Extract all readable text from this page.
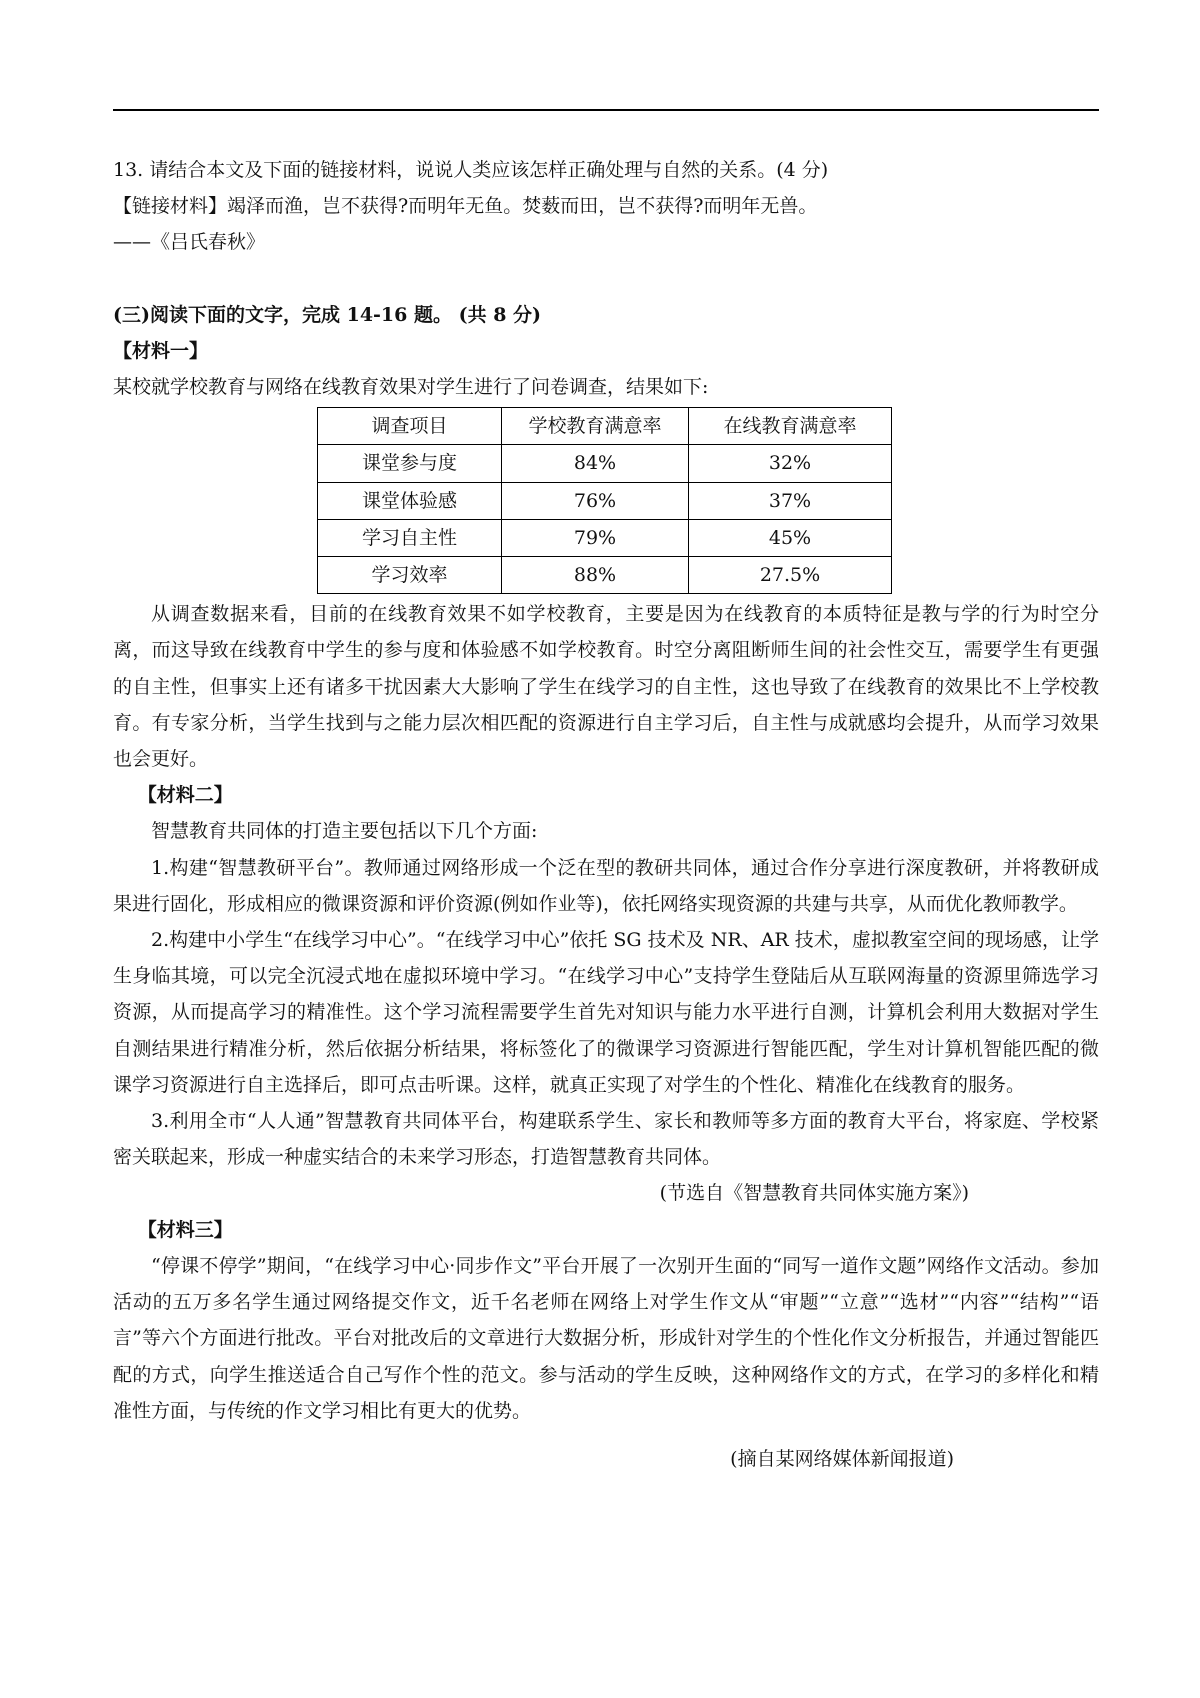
13. 请结合本文及下面的链接材料，说说人类应该怎样正确处理与自然的关系。(4 分)

【链接材料】竭泽而渔，岂不获得?而明年无鱼。焚薮而田，岂不获得?而明年无兽。

——《吕氏春秋》

(三)阅读下面的文字，完成 14-16 题。 (共 8 分)

【材料一】

某校就学校教育与网络在线教育效果对学生进行了问卷调查，结果如下:

调查项目	学校教育满意率	在线教育满意率
课堂参与度	84%	32%
课堂体验感	76%	37%
学习自主性	79%	45%
学习效率	88%	27.5%

从调查数据来看，目前的在线教育效果不如学校教育，主要是因为在线教育的本质特征是教与学的行为时空分离，而这导致在线教育中学生的参与度和体验感不如学校教育。时空分离阻断师生间的社会性交互，需要学生有更强的自主性，但事实上还有诸多干扰因素大大影响了学生在线学习的自主性，这也导致了在线教育的效果比不上学校教育。有专家分析，当学生找到与之能力层次相匹配的资源进行自主学习后，自主性与成就感均会提升，从而学习效果也会更好。

【材料二】

智慧教育共同体的打造主要包括以下几个方面:

1.构建“智慧教研平台”。教师通过网络形成一个泛在型的教研共同体，通过合作分享进行深度教研，并将教研成果进行固化，形成相应的微课资源和评价资源(例如作业等)，依托网络实现资源的共建与共享，从而优化教师教学。

2.构建中小学生“在线学习中心”。“在线学习中心”依托 SG 技术及 NR、AR 技术，虚拟教室空间的现场感，让学生身临其境，可以完全沉浸式地在虚拟环境中学习。“在线学习中心”支持学生登陆后从互联网海量的资源里筛选学习资源，从而提高学习的精准性。这个学习流程需要学生首先对知识与能力水平进行自测，计算机会利用大数据对学生自测结果进行精准分析，然后依据分析结果，将标签化了的微课学习资源进行智能匹配，学生对计算机智能匹配的微课学习资源进行自主选择后，即可点击听课。这样，就真正实现了对学生的个性化、精准化在线教育的服务。

3.利用全市“人人通”智慧教育共同体平台，构建联系学生、家长和教师等多方面的教育大平台，将家庭、学校紧密关联起来，形成一种虚实结合的未来学习形态，打造智慧教育共同体。

(节选自《智慧教育共同体实施方案》)

【材料三】

“停课不停学”期间，“在线学习中心·同步作文”平台开展了一次别开生面的“同写一道作文题”网络作文活动。参加活动的五万多名学生通过网络提交作文，近千名老师在网络上对学生作文从“审题”“立意”“选材”“内容”“结构”“语言”等六个方面进行批改。平台对批改后的文章进行大数据分析，形成针对学生的个性化作文分析报告，并通过智能匹配的方式，向学生推送适合自己写作个性的范文。参与活动的学生反映，这种网络作文的方式，在学习的多样化和精准性方面，与传统的作文学习相比有更大的优势。

(摘自某网络媒体新闻报道)
